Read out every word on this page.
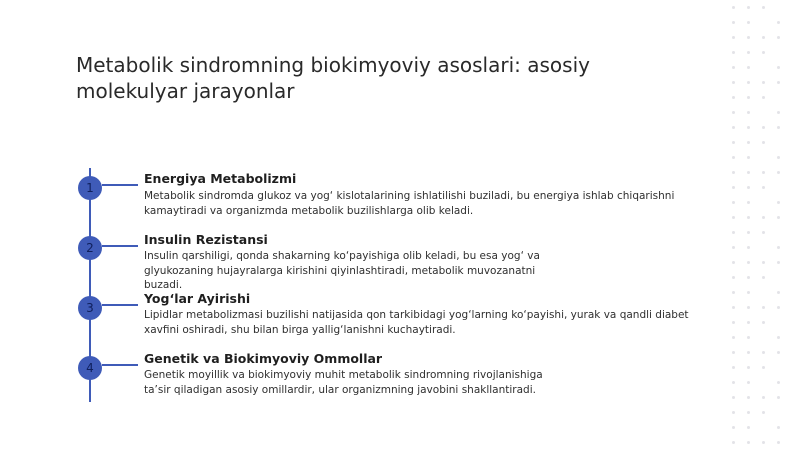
Metabolik sindromning biokimyoviy asoslari: asosiy molekulyar jarayonlar
1
Energiya Metabolizmi
Metabolik sindromda glukoz va yog‘ kislotalarining ishlatilishi buziladi, bu energiya ishlab chiqarishni kamaytiradi va organizmda metabolik buzilishlarga olib keladi.
2
Insulin Rezistansi
Insulin qarshiligi, qonda shakarning ko‘payishiga olib keladi, bu esa yog‘ va glyukozaning hujayralarga kirishini qiyinlashtiradi, metabolik muvozanatni buzadi.
3
Yog‘lar Ayirishi
Lipidlar metabolizmasi buzilishi natijasida qon tarkibidagi yog‘larning ko‘payishi, yurak va qandli diabet xavfini oshiradi, shu bilan birga yallig‘lanishni kuchaytiradi.
4
Genetik va Biokimyoviy Ommollar
Genetik moyillik va biokimyoviy muhit metabolik sindromning rivojlanishiga ta’sir qiladigan asosiy omillardir, ular organizmning javobini shakllantiradi.
